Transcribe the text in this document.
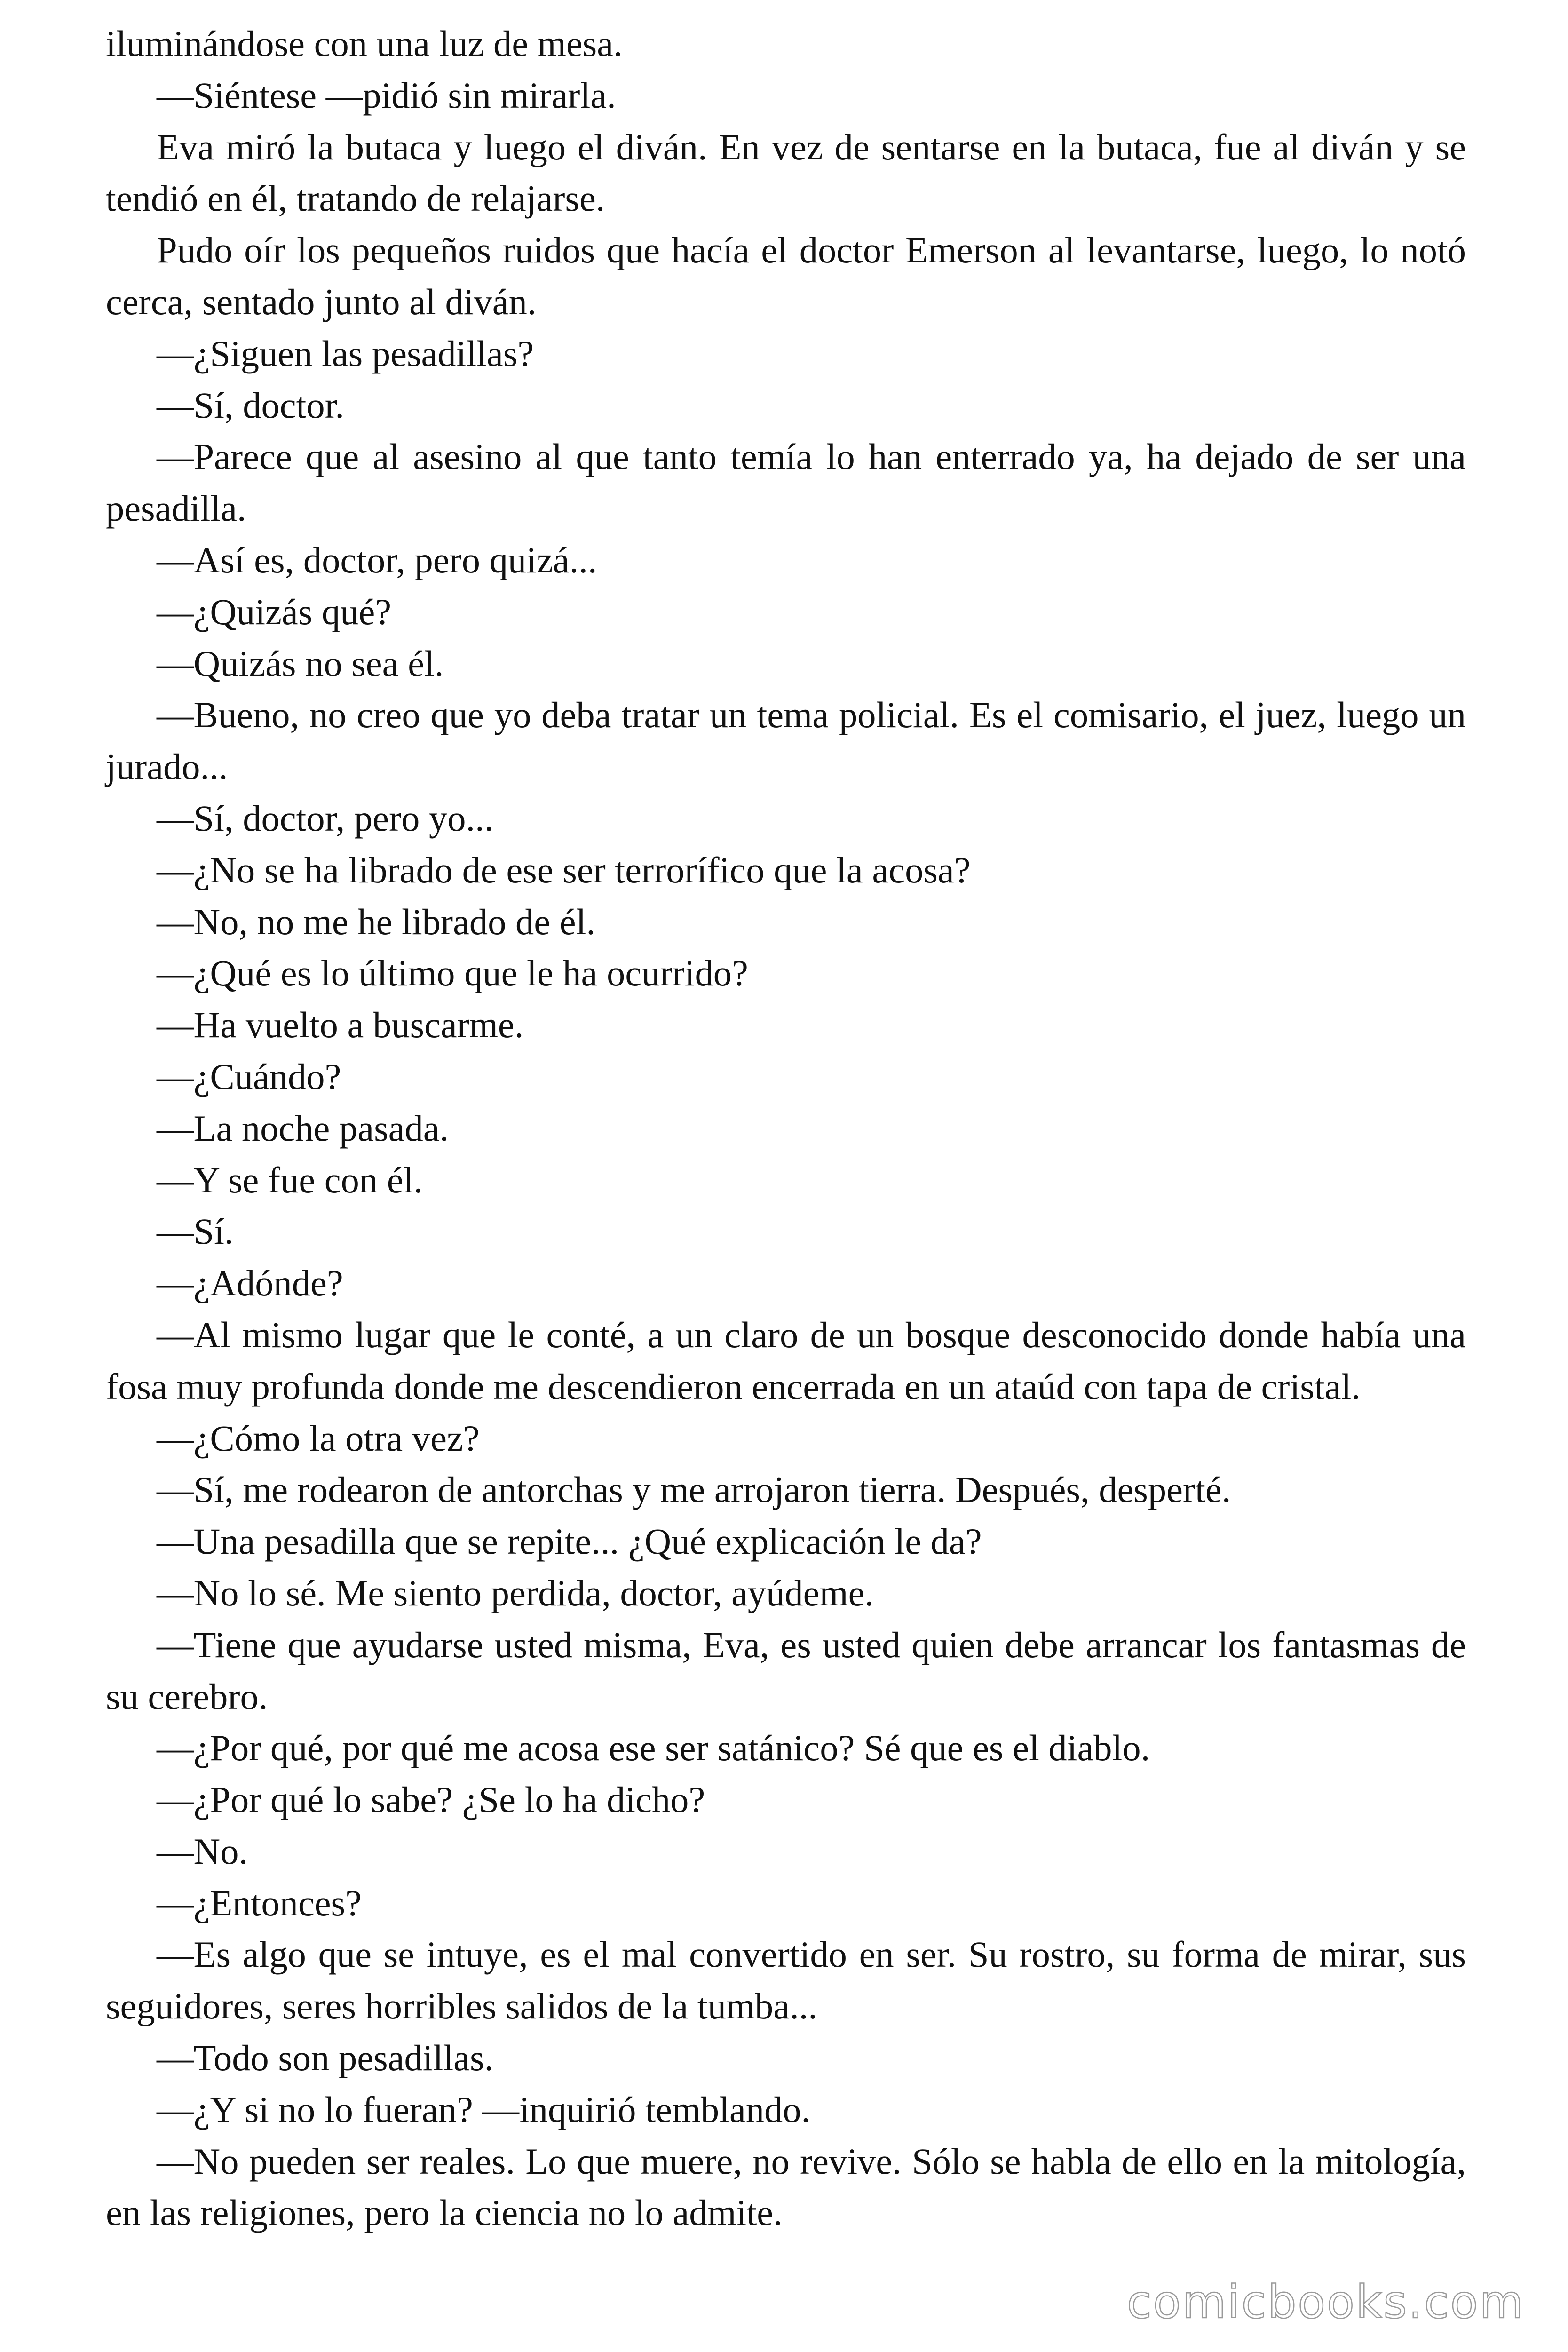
iluminándose con una luz de mesa.

—Siéntese —pidió sin mirarla.

Eva miró la butaca y luego el diván. En vez de sentarse en la butaca, fue al diván y se tendió en él, tratando de relajarse.

Pudo oír los pequeños ruidos que hacía el doctor Emerson al levantarse, luego, lo notó cerca, sentado junto al diván.

—¿Siguen las pesadillas?

—Sí, doctor.

—Parece que al asesino al que tanto temía lo han enterrado ya, ha dejado de ser una pesadilla.

—Así es, doctor, pero quizá...

—¿Quizás qué?

—Quizás no sea él.

—Bueno, no creo que yo deba tratar un tema policial. Es el comisario, el juez, luego un jurado...

—Sí, doctor, pero yo...

—¿No se ha librado de ese ser terrorífico que la acosa?

—No, no me he librado de él.

—¿Qué es lo último que le ha ocurrido?

—Ha vuelto a buscarme.

—¿Cuándo?

—La noche pasada.

—Y se fue con él.

—Sí.

—¿Adónde?

—Al mismo lugar que le conté, a un claro de un bosque desconocido donde había una fosa muy profunda donde me descendieron encerrada en un ataúd con tapa de cristal.

—¿Cómo la otra vez?

—Sí, me rodearon de antorchas y me arrojaron tierra. Después, desperté.

—Una pesadilla que se repite... ¿Qué explicación le da?

—No lo sé. Me siento perdida, doctor, ayúdeme.

—Tiene que ayudarse usted misma, Eva, es usted quien debe arrancar los fantasmas de su cerebro.

—¿Por qué, por qué me acosa ese ser satánico? Sé que es el diablo.

—¿Por qué lo sabe? ¿Se lo ha dicho?

—No.

—¿Entonces?

—Es algo que se intuye, es el mal convertido en ser. Su rostro, su forma de mirar, sus seguidores, seres horribles salidos de la tumba...

—Todo son pesadillas.

—¿Y si no lo fueran? —inquirió temblando.

—No pueden ser reales. Lo que muere, no revive. Sólo se habla de ello en la mitología, en las religiones, pero la ciencia no lo admite.

comicbooks.com
